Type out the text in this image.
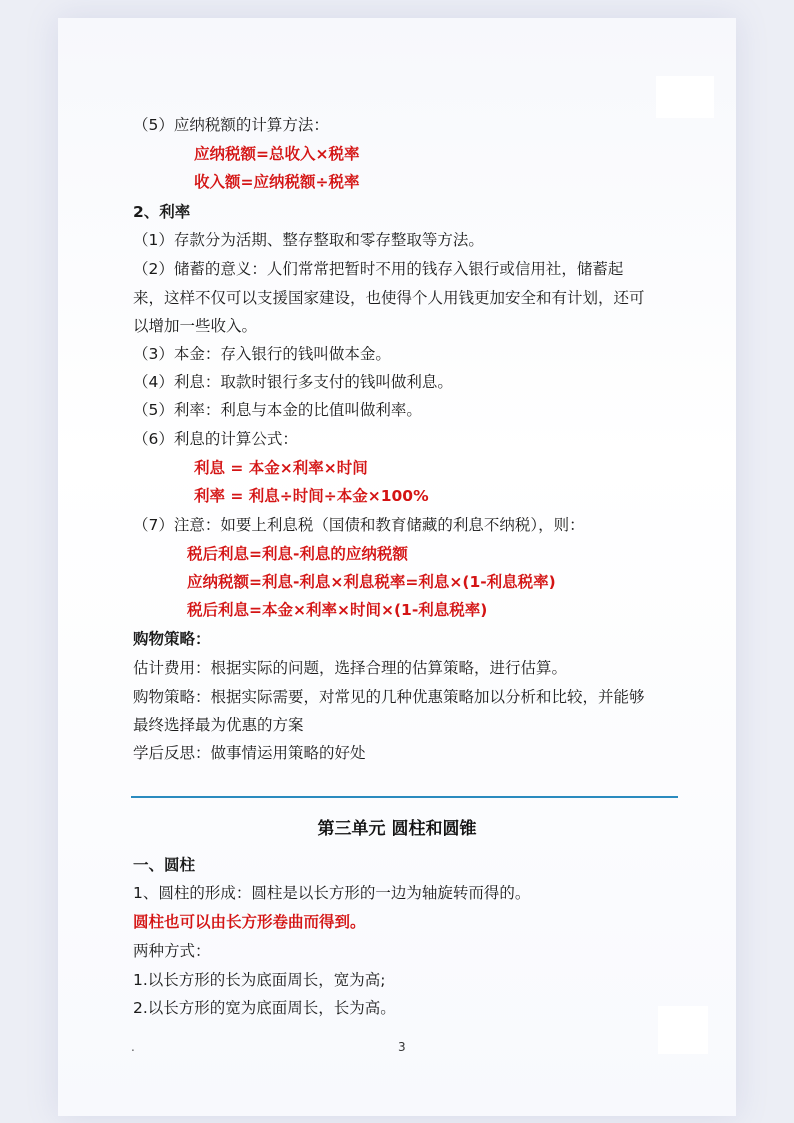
（5）应纳税额的计算方法：
应纳税额=总收入×税率
收入额=应纳税额÷税率
2、利率
（1）存款分为活期、整存整取和零存整取等方法。
（2）储蓄的意义：人们常常把暂时不用的钱存入银行或信用社，储蓄起
来，这样不仅可以支援国家建设，也使得个人用钱更加安全和有计划，还可
以增加一些收入。
（3）本金：存入银行的钱叫做本金。
（4）利息：取款时银行多支付的钱叫做利息。
（5）利率：利息与本金的比值叫做利率。
（6）利息的计算公式：
利息 = 本金×利率×时间
利率 = 利息÷时间÷本金×100%
（7）注意：如要上利息税（国债和教育储藏的利息不纳税），则：
税后利息=利息-利息的应纳税额
应纳税额=利息-利息×利息税率=利息×(1-利息税率)
税后利息=本金×利率×时间×(1-利息税率)
购物策略：
估计费用：根据实际的问题，选择合理的估算策略，进行估算。
购物策略：根据实际需要，对常见的几种优惠策略加以分析和比较，并能够
最终选择最为优惠的方案
学后反思：做事情运用策略的好处
第三单元 圆柱和圆锥
一、圆柱
1、圆柱的形成：圆柱是以长方形的一边为轴旋转而得的。
圆柱也可以由长方形卷曲而得到。
两种方式：
1.以长方形的长为底面周长，宽为高;
2.以长方形的宽为底面周长，长为高。
.	3
